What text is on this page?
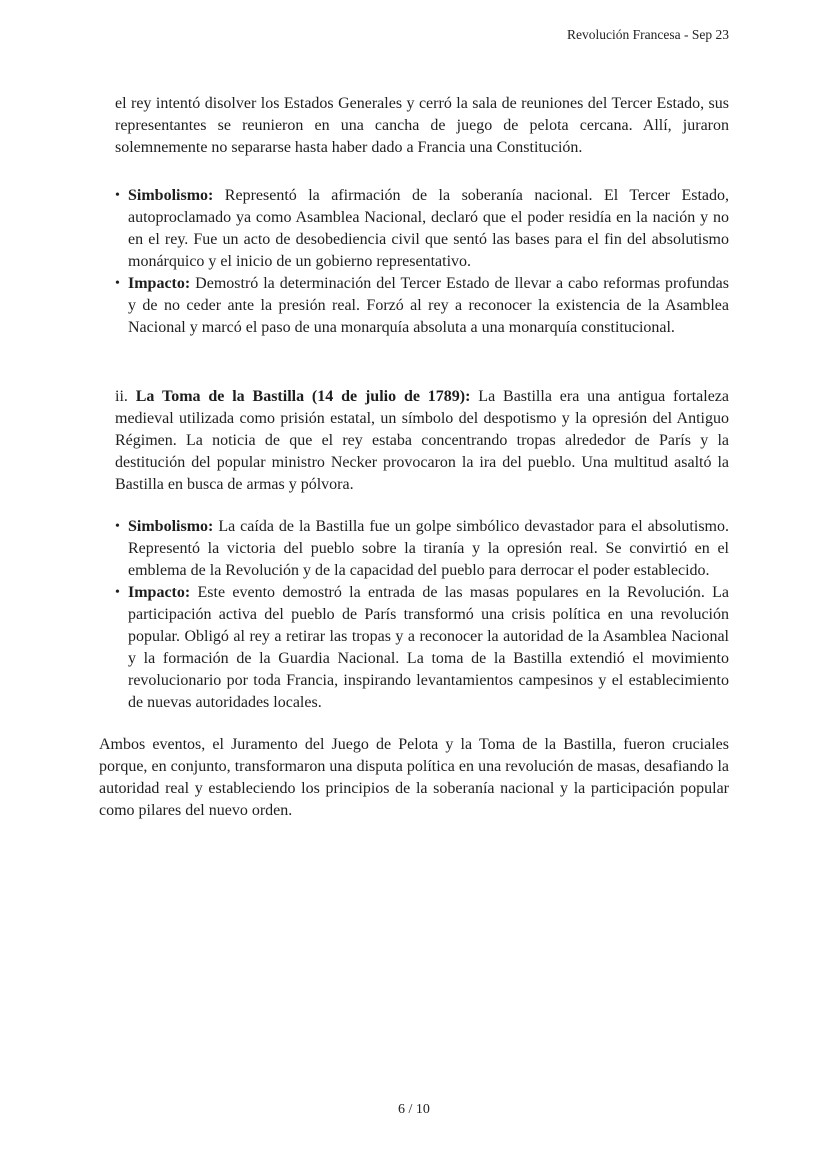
Revolución Francesa - Sep 23

el rey intentó disolver los Estados Generales y cerró la sala de reuniones del Tercer Estado, sus representantes se reunieron en una cancha de juego de pelota cercana. Allí, juraron solemnemente no separarse hasta haber dado a Francia una Constitución.

• Simbolismo: Representó la afirmación de la soberanía nacional. El Tercer Estado, autoproclamado ya como Asamblea Nacional, declaró que el poder residía en la nación y no en el rey. Fue un acto de desobediencia civil que sentó las bases para el fin del absolutismo monárquico y el inicio de un gobierno representativo.
• Impacto: Demostró la determinación del Tercer Estado de llevar a cabo reformas profundas y de no ceder ante la presión real. Forzó al rey a reconocer la existencia de la Asamblea Nacional y marcó el paso de una monarquía absoluta a una monarquía constitucional.

ii. La Toma de la Bastilla (14 de julio de 1789): La Bastilla era una antigua fortaleza medieval utilizada como prisión estatal, un símbolo del despotismo y la opresión del Antiguo Régimen. La noticia de que el rey estaba concentrando tropas alrededor de París y la destitución del popular ministro Necker provocaron la ira del pueblo. Una multitud asaltó la Bastilla en busca de armas y pólvora.

• Simbolismo: La caída de la Bastilla fue un golpe simbólico devastador para el absolutismo. Representó la victoria del pueblo sobre la tiranía y la opresión real. Se convirtió en el emblema de la Revolución y de la capacidad del pueblo para derrocar el poder establecido.
• Impacto: Este evento demostró la entrada de las masas populares en la Revolución. La participación activa del pueblo de París transformó una crisis política en una revolución popular. Obligó al rey a retirar las tropas y a reconocer la autoridad de la Asamblea Nacional y la formación de la Guardia Nacional. La toma de la Bastilla extendió el movimiento revolucionario por toda Francia, inspirando levantamientos campesinos y el establecimiento de nuevas autoridades locales.

Ambos eventos, el Juramento del Juego de Pelota y la Toma de la Bastilla, fueron cruciales porque, en conjunto, transformaron una disputa política en una revolución de masas, desafiando la autoridad real y estableciendo los principios de la soberanía nacional y la participación popular como pilares del nuevo orden.

6 / 10
